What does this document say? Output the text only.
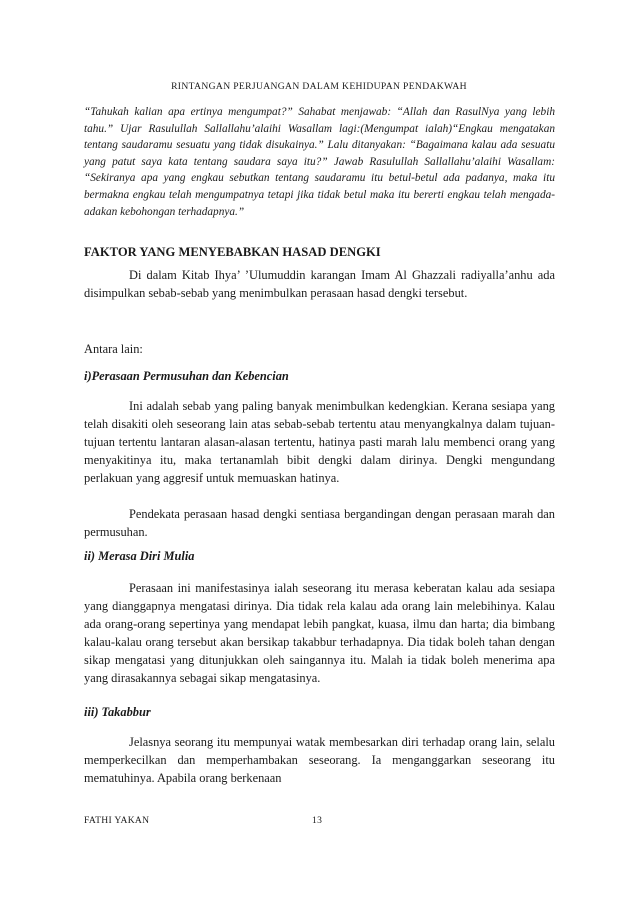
RINTANGAN PERJUANGAN DALAM KEHIDUPAN PENDAKWAH
“Tahukah kalian apa ertinya mengumpat?” Sahabat menjawab: “Allah dan RasulNya yang lebih tahu.” Ujar Rasulullah Sallallahu’alaihi Wasallam lagi:(Mengumpat ialah)“Engkau mengatakan tentang saudaramu sesuatu yang tidak disukainya.” Lalu ditanyakan: “Bagaimana kalau ada sesuatu yang patut saya kata tentang saudara saya itu?” Jawab Rasulullah Sallallahu’alaihi Wasallam: “Sekiranya apa yang engkau sebutkan tentang saudaramu itu betul-betul ada padanya, maka itu bermakna engkau telah mengumpatnya tetapi jika tidak betul maka itu bererti engkau telah mengada-adakan kebohongan terhadapnya.”
FAKTOR YANG MENYEBABKAN HASAD DENGKI
Di dalam Kitab Ihya’ ’Ulumuddin karangan Imam Al Ghazzali radiyalla’anhu ada disimpulkan sebab-sebab yang menimbulkan perasaan hasad dengki tersebut.
Antara lain:
i)Perasaan Permusuhan dan Kebencian
Ini adalah sebab yang paling banyak menimbulkan kedengkian. Kerana sesiapa yang telah disakiti oleh seseorang lain atas sebab-sebab tertentu atau menyangkalnya dalam tujuan-tujuan tertentu lantaran alasan-alasan tertentu, hatinya pasti marah lalu membenci orang yang menyakitinya itu, maka tertanamlah bibit dengki dalam dirinya. Dengki mengundang perlakuan yang aggresif untuk memuaskan hatinya.
Pendekata perasaan hasad dengki sentiasa bergandingan dengan perasaan marah dan permusuhan.
ii) Merasa Diri Mulia
Perasaan ini manifestasinya ialah seseorang itu merasa keberatan kalau ada sesiapa yang dianggapnya mengatasi dirinya. Dia tidak rela kalau ada orang lain melebihinya. Kalau ada orang-orang sepertinya yang mendapat lebih pangkat, kuasa, ilmu dan harta; dia bimbang kalau-kalau orang tersebut akan bersikap takabbur terhadapnya. Dia tidak boleh tahan dengan sikap mengatasi yang ditunjukkan oleh saingannya itu. Malah ia tidak boleh menerima apa yang dirasakannya sebagai sikap mengatasinya.
iii) Takabbur
Jelasnya seorang itu mempunyai watak membesarkan diri terhadap orang lain, selalu memperkecilkan dan memperhambakan seseorang. Ia menganggarkan seseorang itu mematuhinya. Apabila orang berkenaan
FATHI YAKAN	13
